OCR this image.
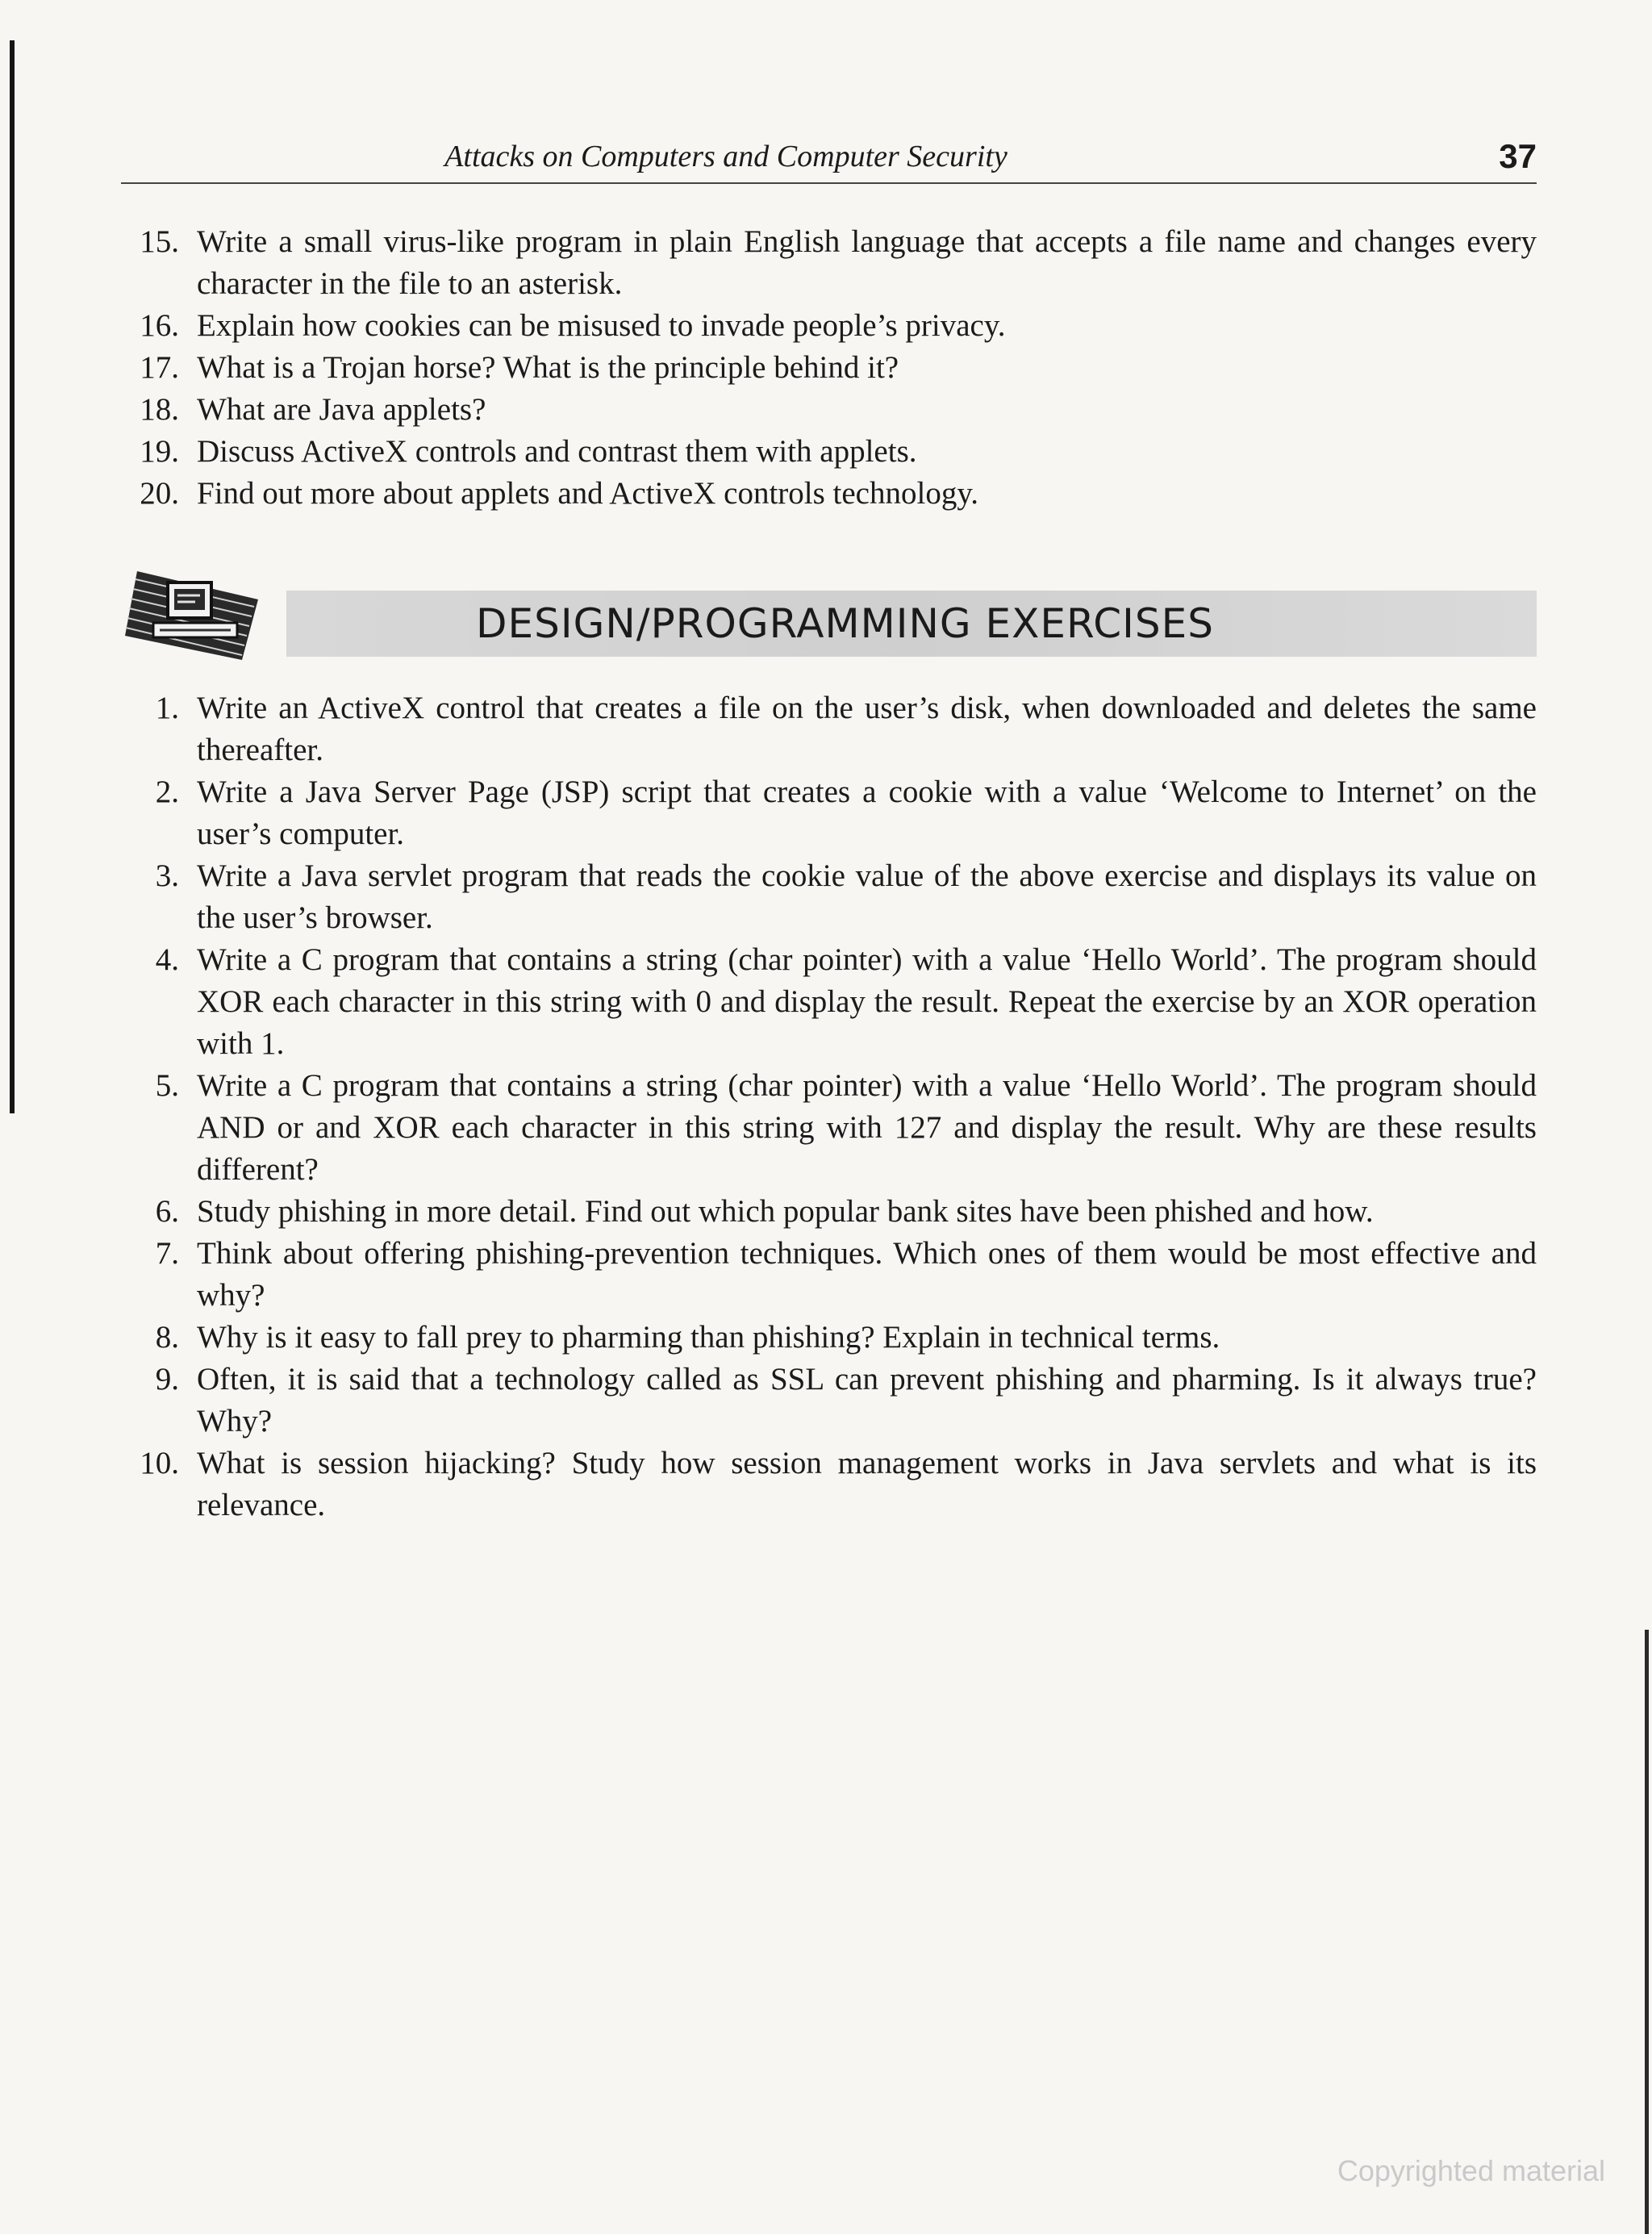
Attacks on Computers and Computer Security	37
15. Write a small virus-like program in plain English language that accepts a file name and changes every character in the file to an asterisk.
16. Explain how cookies can be misused to invade people’s privacy.
17. What is a Trojan horse? What is the principle behind it?
18. What are Java applets?
19. Discuss ActiveX controls and contrast them with applets.
20. Find out more about applets and ActiveX controls technology.
DESIGN/PROGRAMMING EXERCISES
1. Write an ActiveX control that creates a file on the user’s disk, when downloaded and deletes the same thereafter.
2. Write a Java Server Page (JSP) script that creates a cookie with a value ‘Welcome to Internet’ on the user’s computer.
3. Write a Java servlet program that reads the cookie value of the above exercise and displays its value on the user’s browser.
4. Write a C program that contains a string (char pointer) with a value ‘Hello World’. The program should XOR each character in this string with 0 and display the result. Repeat the exercise by an XOR operation with 1.
5. Write a C program that contains a string (char pointer) with a value ‘Hello World’. The program should AND or and XOR each character in this string with 127 and display the result. Why are these results different?
6. Study phishing in more detail. Find out which popular bank sites have been phished and how.
7. Think about offering phishing-prevention techniques. Which ones of them would be most effective and why?
8. Why is it easy to fall prey to pharming than phishing? Explain in technical terms.
9. Often, it is said that a technology called as SSL can prevent phishing and pharming. Is it always true? Why?
10. What is session hijacking? Study how session management works in Java servlets and what is its relevance.
Copyrighted material
